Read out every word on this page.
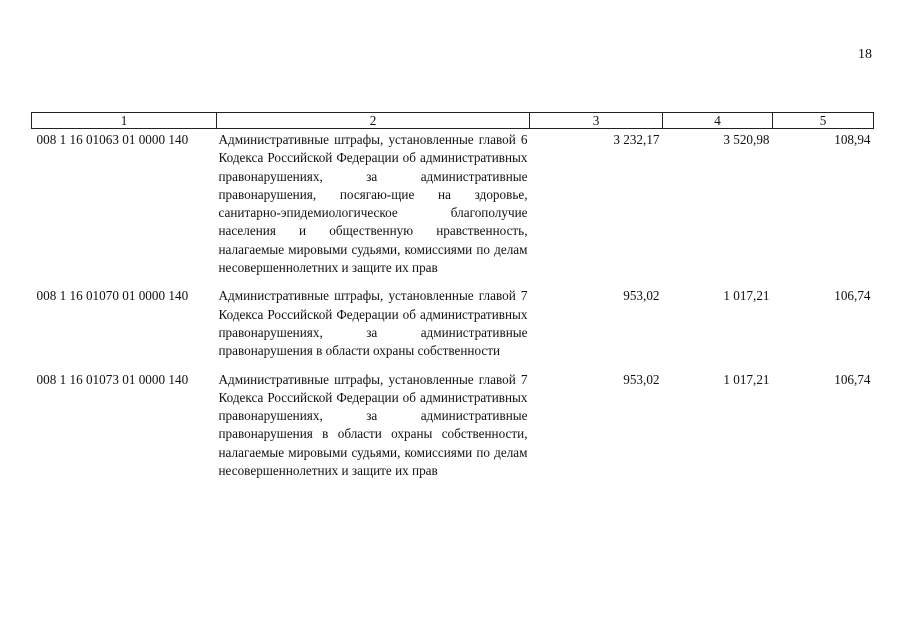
18
1	2	3	4	5
008 1 16 01063 01 0000 140	Административные штрафы, установленные главой 6 Кодекса Российской Федерации об административных правонарушениях, за административные правонарушения, посягаю-щие на здоровье, санитарно-эпидемиологическое благополучие населения и общественную нравственность, налагаемые мировыми судьями, комиссиями по делам несовершеннолетних и защите их прав	3 232,17	3 520,98	108,94
008 1 16 01070 01 0000 140	Административные штрафы, установленные главой 7 Кодекса Российской Федерации об административных правонарушениях, за административные правонарушения в области охраны собственности	953,02	1 017,21	106,74
008 1 16 01073 01 0000 140	Административные штрафы, установленные главой 7 Кодекса Российской Федерации об административных правонарушениях, за административные правонарушения в области охраны собственности, налагаемые мировыми судьями, комиссиями по делам несовершеннолетних и защите их прав	953,02	1 017,21	106,74
